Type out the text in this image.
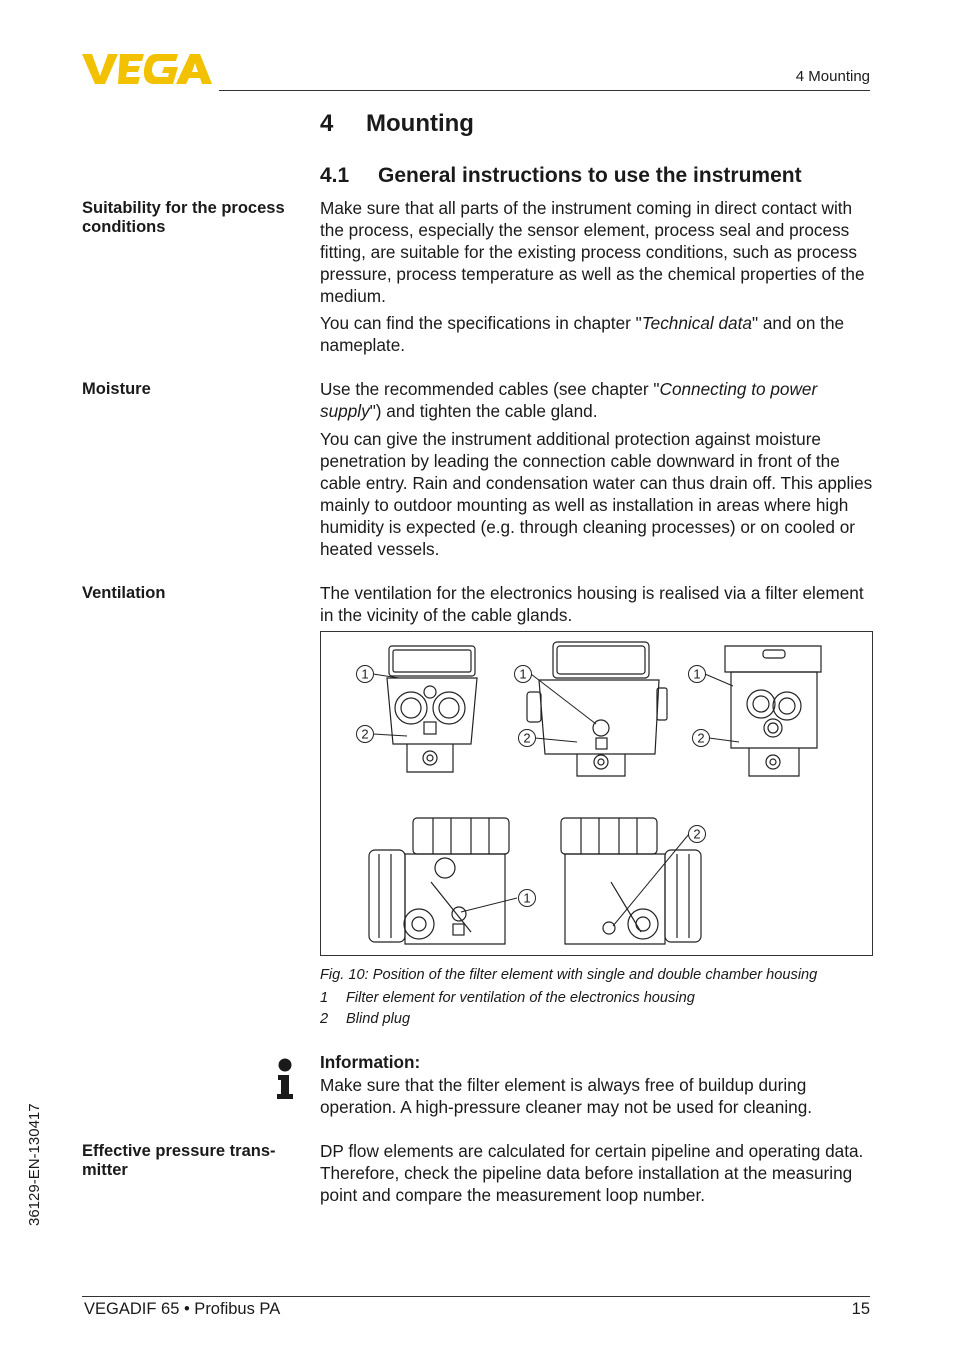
4 Mounting
4 Mounting
4.1 General instructions to use the instrument
Suitability for the process conditions

Make sure that all parts of the instrument coming in direct contact with the process, especially the sensor element, process seal and process fitting, are suitable for the existing process conditions, such as process pressure, process temperature as well as the chemical properties of the medium.

You can find the specifications in chapter "Technical data" and on the nameplate.

Moisture	Use the recommended cables (see chapter "Connecting to power supply") and tighten the cable gland.

You can give the instrument additional protection against moisture penetration by leading the connection cable downward in front of the cable entry. Rain and condensation water can thus drain off. This applies mainly to outdoor mounting as well as installation in areas where high humidity is expected (e.g. through cleaning processes) or on cooled or heated vessels.

Ventilation	The ventilation for the electronics housing is realised via a filter element in the vicinity of the cable glands.

1
2
1
2
1
2
1
2
Fig. 10: Position of the filter element with single and double chamber housing
1 Filter element for ventilation of the electronics housing
2 Blind plug
Information:

Make sure that the filter element is always free of buildup during operation. A high-pressure cleaner may not be used for cleaning.

Effective pressure trans-
mitter

DP flow elements are calculated for certain pipeline and operating data. Therefore, check the pipeline data before installation at the measuring point and compare the measurement loop number.

36129-EN-130417
VEGADIF 65 • Profibus PA	15
